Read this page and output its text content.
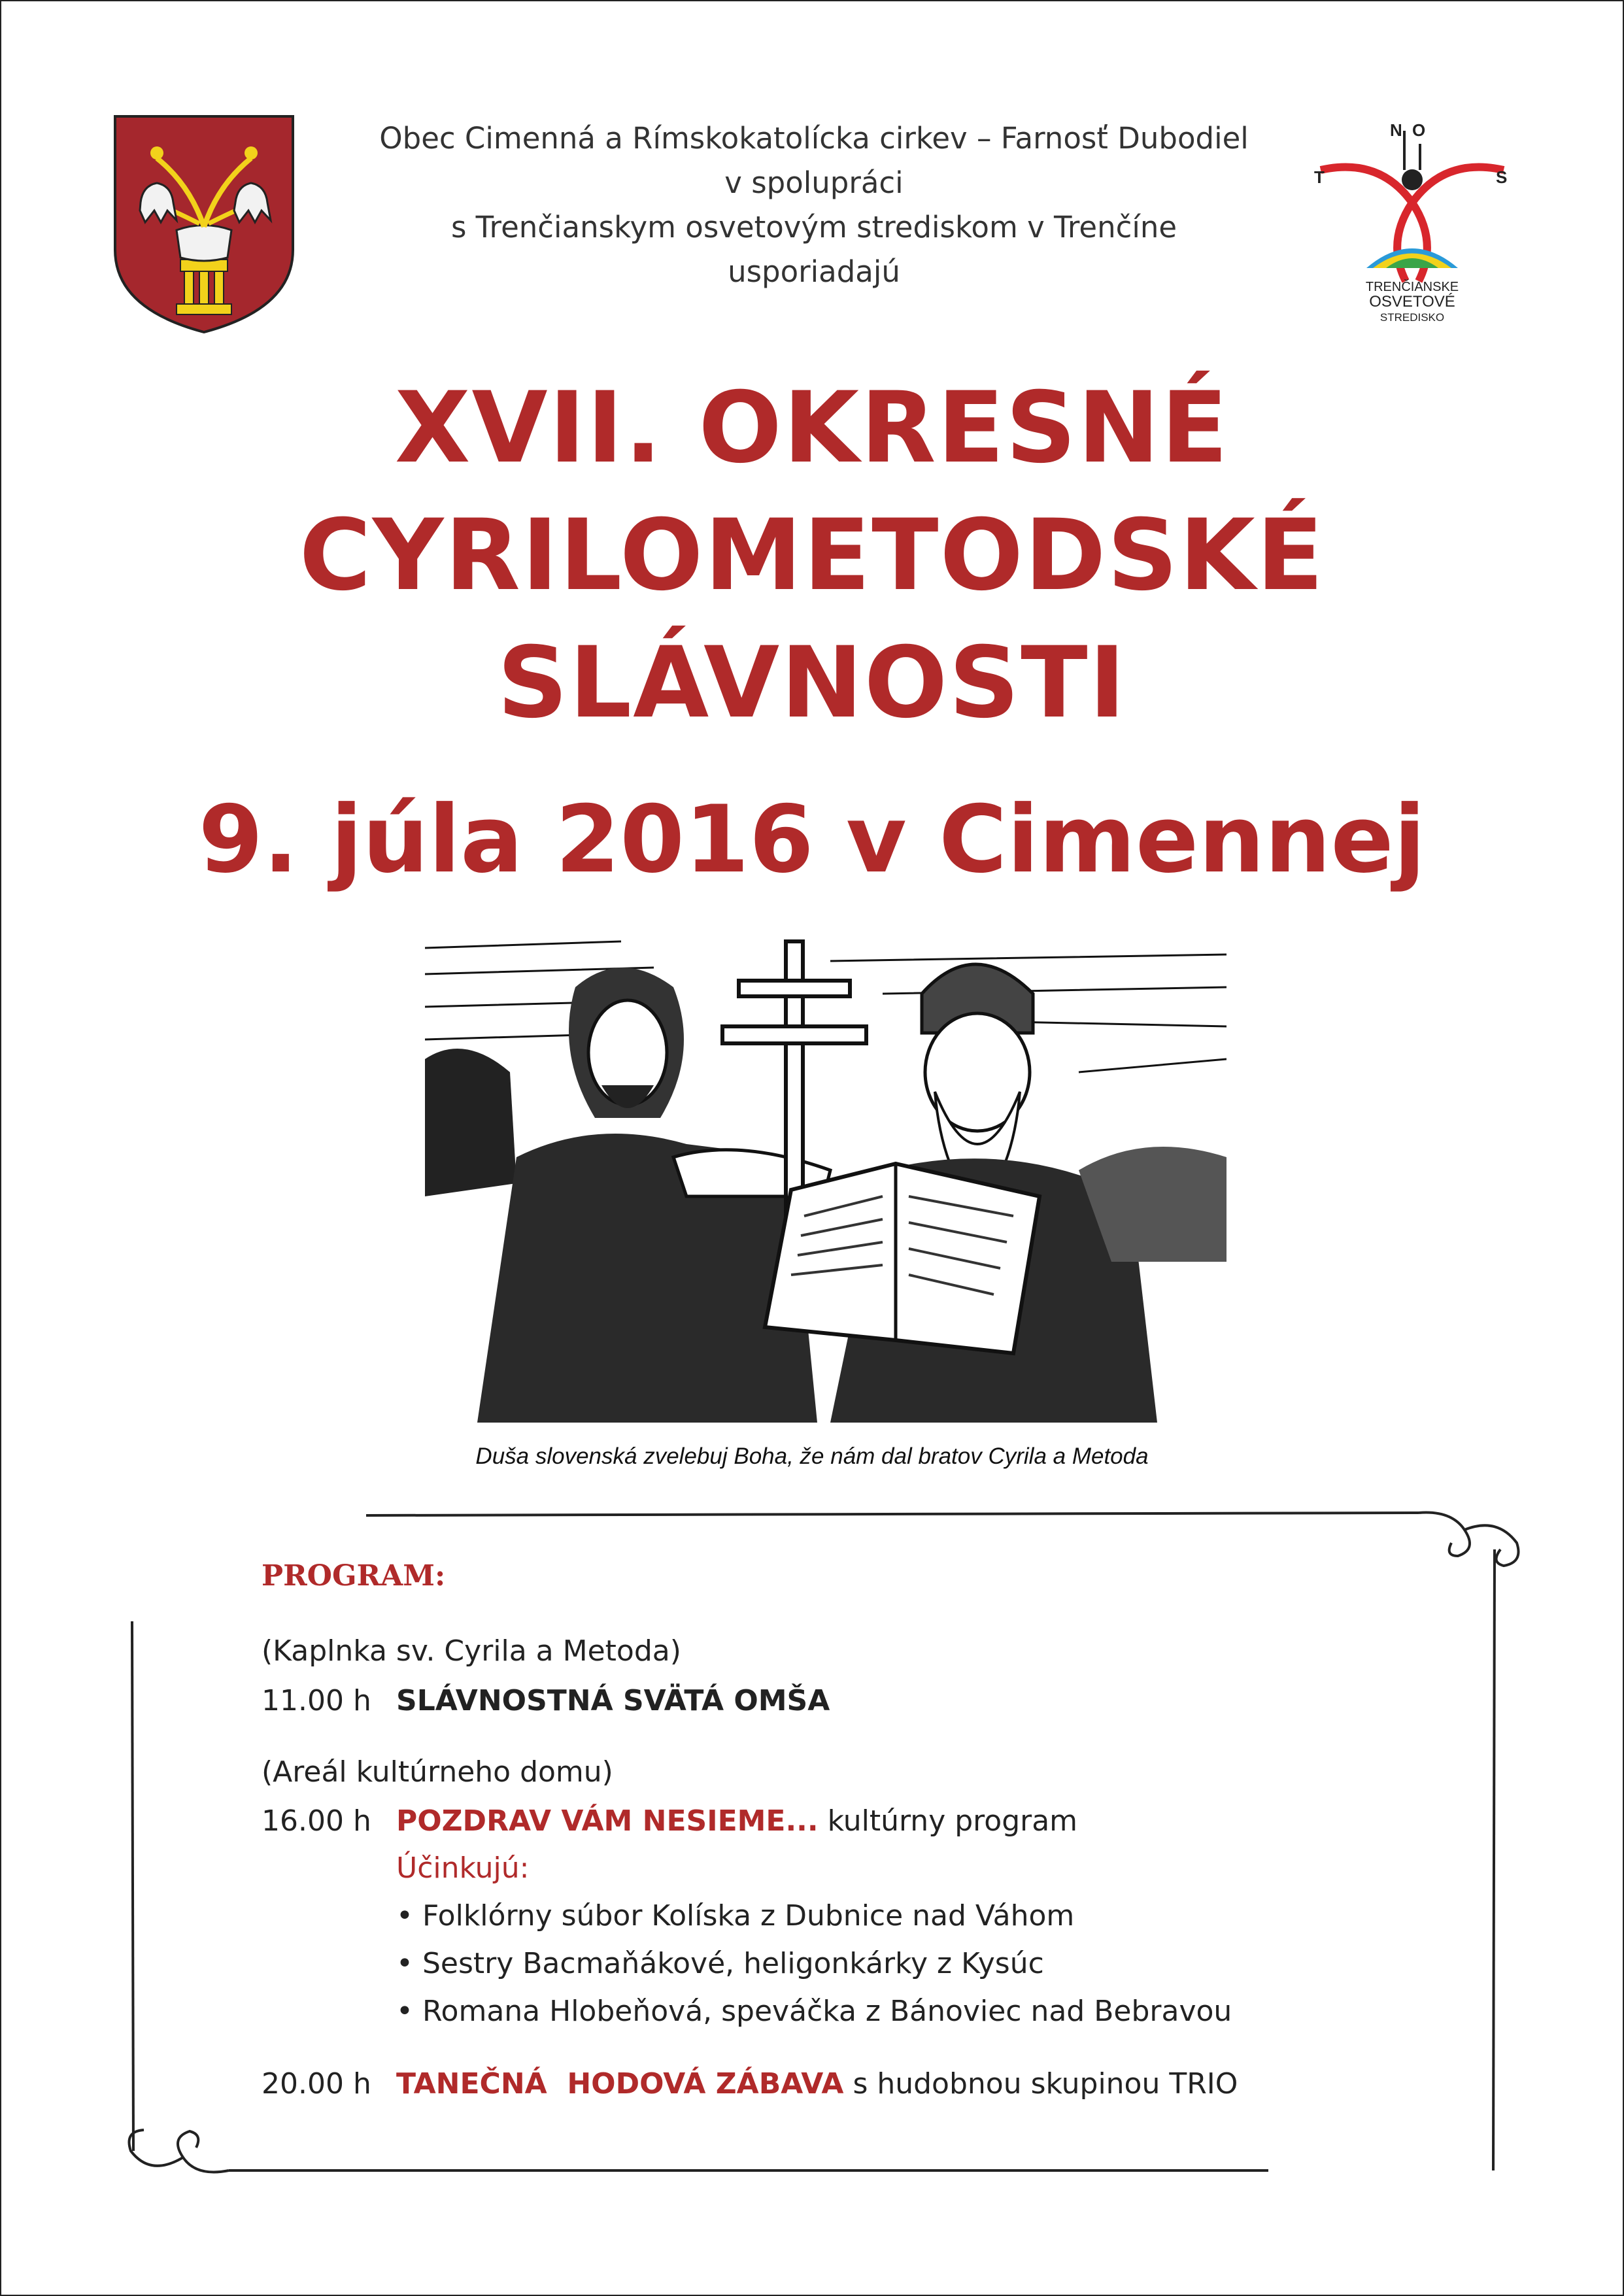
Obec Cimenná a Rímskokatolícka cirkev – Farnosť Dubodiel
v spolupráci
s Trenčianskym osvetovým strediskom v Trenčíne
usporiadajú
N O
T	S
TRENČIANSKE
OSVETOVÉ
STREDISKO
XVII. OKRESNÉ
CYRILOMETODSKÉ
SLÁVNOSTI
9. júla 2016 v Cimennej
Duša slovenská zvelebuj Boha, že nám dal bratov Cyrila a Metoda
PROGRAM:
(Kaplnka sv. Cyrila a Metoda)
11.00 h SLÁVNOSTNÁ SVÄTÁ OMŠA
(Areál kultúrneho domu)
16.00 h POZDRAV VÁM NESIEME... kultúrny program
Účinkujú:
• Folklórny súbor Kolíska z Dubnice nad Váhom
• Sestry Bacmaňákové, heligonkárky z Kysúc
• Romana Hlobeňová, speváčka z Bánoviec nad Bebravou
20.00 h TANEČNÁ  HODOVÁ ZÁBAVA s hudobnou skupinou TRIO
